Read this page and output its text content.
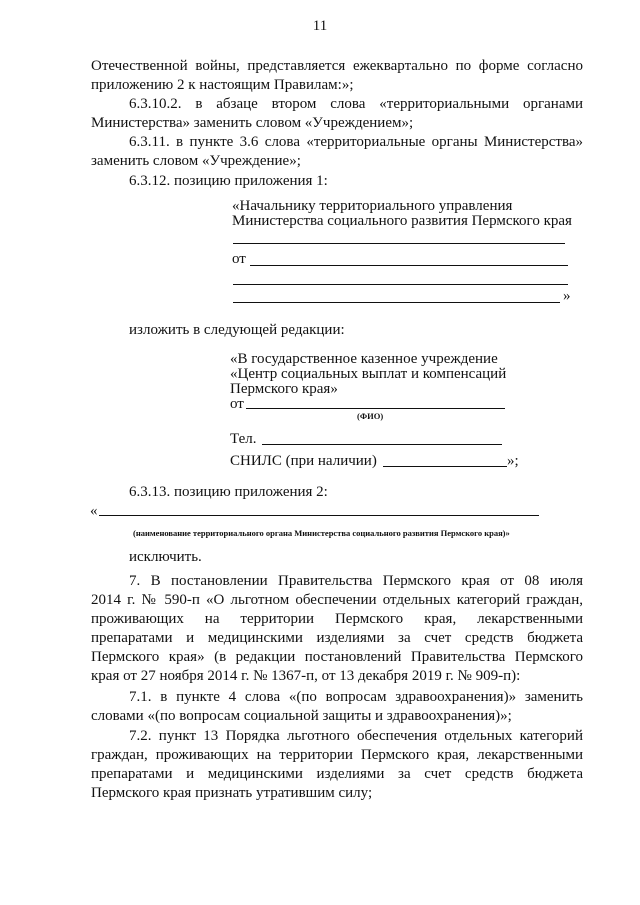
11
Отечественной войны, представляется ежеквартально по форме согласно
приложению 2 к настоящим Правилам:»;
6.3.10.2. в абзаце втором слова «территориальными органами
Министерства» заменить словом «Учреждением»;
6.3.11. в пункте 3.6 слова «территориальные органы Министерства»
заменить словом «Учреждение»;
6.3.12. позицию приложения 1:
«Начальнику территориального управления
Министерства социального развития Пермского края
от
»
изложить в следующей редакции:
«В государственное казенное учреждение
«Центр социальных выплат и компенсаций
Пермского края»
от
(ФИО)
Тел.
СНИЛС (при наличии)	»;
6.3.13. позицию приложения 2:
«
(наименование территориального органа Министерства социального развития Пермского края)»
исключить.
7. В постановлении Правительства Пермского края от 08 июля
2014 г. № 590-п «О льготном обеспечении отдельных категорий граждан,
проживающих на территории Пермского края, лекарственными
препаратами и медицинскими изделиями за счет средств бюджета
Пермского края» (в редакции постановлений Правительства Пермского
края от 27 ноября 2014 г. № 1367-п, от 13 декабря 2019 г. № 909-п):
7.1. в пункте 4 слова «(по вопросам здравоохранения)» заменить
словами «(по вопросам социальной защиты и здравоохранения)»;
7.2. пункт 13 Порядка льготного обеспечения отдельных категорий
граждан, проживающих на территории Пермского края, лекарственными
препаратами и медицинскими изделиями за счет средств бюджета
Пермского края признать утратившим силу;
